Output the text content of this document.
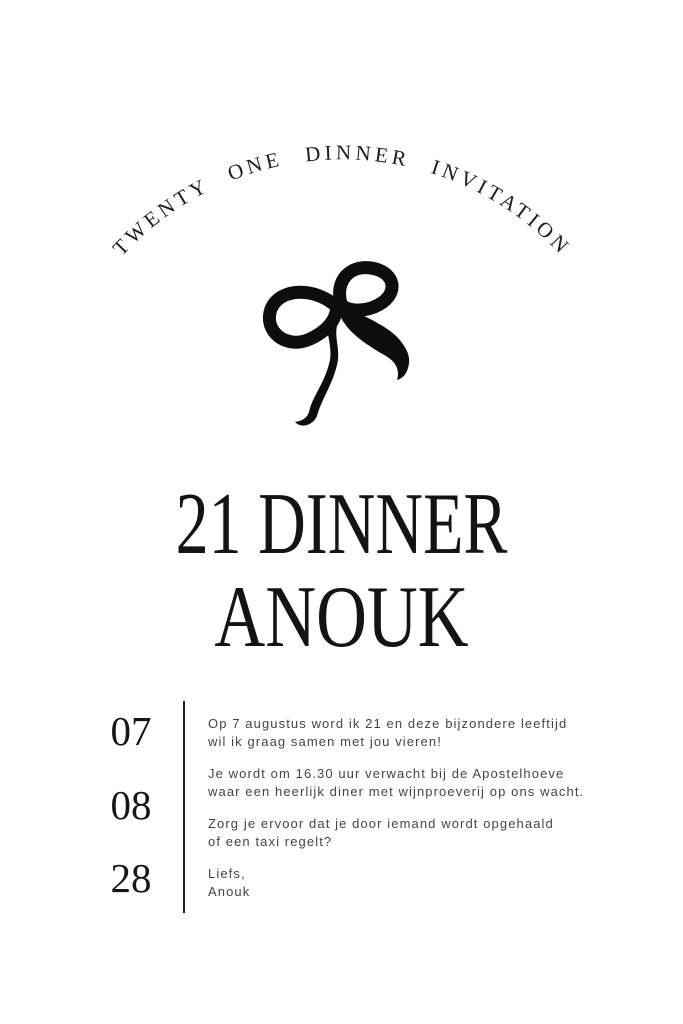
TWENTY ONE DINNER INVITATION
21 DINNER
ANOUK
07
08
28

Op 7 augustus word ik 21 en deze bijzondere leeftijd
wil ik graag samen met jou vieren!

Je wordt om 16.30 uur verwacht bij de Apostelhoeve
waar een heerlijk diner met wijnproeverij op ons wacht.

Zorg je ervoor dat je door iemand wordt opgehaald
of een taxi regelt?

Liefs,
Anouk
